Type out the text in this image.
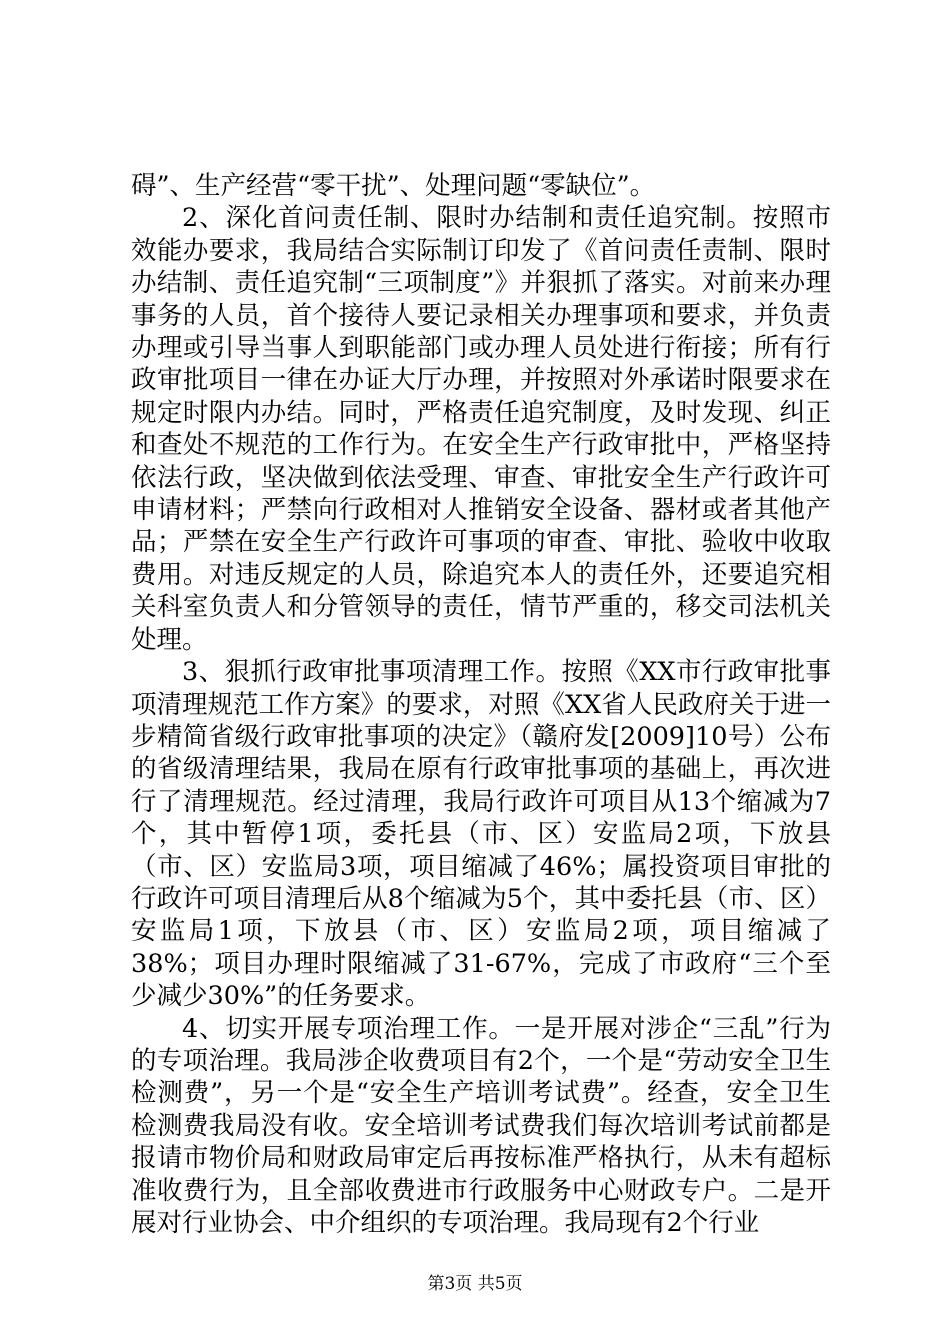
碍”、生产经营“零干扰”、处理问题“零缺位”。

2、深化首问责任制、限时办结制和责任追究制。按照市效能办要求，我局结合实际制订印发了《首问责任责制、限时办结制、责任追究制“三项制度”》并狠抓了落实。对前来办理事务的人员，首个接待人要记录相关办理事项和要求，并负责办理或引导当事人到职能部门或办理人员处进行衔接；所有行政审批项目一律在办证大厅办理，并按照对外承诺时限要求在规定时限内办结。同时，严格责任追究制度，及时发现、纠正和查处不规范的工作行为。在安全生产行政审批中，严格坚持依法行政，坚决做到依法受理、审查、审批安全生产行政许可申请材料；严禁向行政相对人推销安全设备、器材或者其他产品；严禁在安全生产行政许可事项的审查、审批、验收中收取费用。对违反规定的人员，除追究本人的责任外，还要追究相关科室负责人和分管领导的责任，情节严重的，移交司法机关处理。

3、狠抓行政审批事项清理工作。按照《XX市行政审批事项清理规范工作方案》的要求，对照《XX省人民政府关于进一步精简省级行政审批事项的决定》（赣府发[2009]10号）公布的省级清理结果，我局在原有行政审批事项的基础上，再次进行了清理规范。经过清理，我局行政许可项目从13个缩减为7个，其中暂停1项，委托县（市、区）安监局2项，下放县（市、区）安监局3项，项目缩减了46%；属投资项目审批的行政许可项目清理后从8个缩减为5个，其中委托县（市、区）安监局1项，下放县（市、区）安监局2项，项目缩减了38%；项目办理时限缩减了31-67%，完成了市政府“三个至少减少30%”的任务要求。

4、切实开展专项治理工作。一是开展对涉企“三乱”行为的专项治理。我局涉企收费项目有2个，一个是“劳动安全卫生检测费”，另一个是“安全生产培训考试费”。经查，安全卫生检测费我局没有收。安全培训考试费我们每次培训考试前都是报请市物价局和财政局审定后再按标准严格执行，从未有超标准收费行为，且全部收费进市行政服务中心财政专户。二是开展对行业协会、中介组织的专项治理。我局现有2个行业

第3页 共5页
